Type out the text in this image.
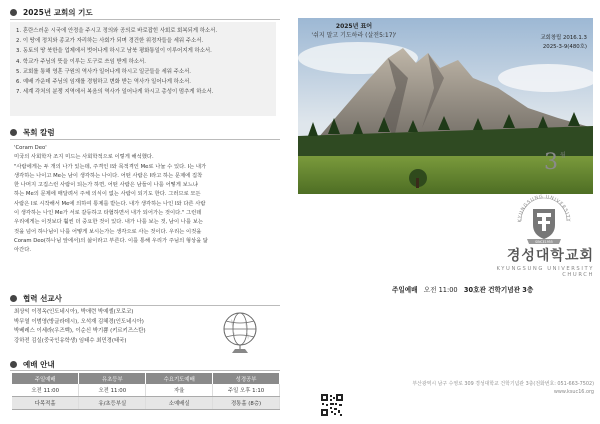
2025년 교회의 기도
1. 혼란스러운 시국에 안정을 주시고 정의와 공의로 바로잡힌 사회로 회복되게 하소서.
2. 이 땅에 정치와 종교가 자리하는 사회가 되며 경건한 위정자들을 세워 주소서.
3. 동토의 땅 북한을 업제에서 벗어나게 하시고 남북 평화통일이 이루어지게 하소서.
4. 학교가 주님의 뜻을 이루는 도구로 쓰임 받게 하소서.
5. 교회를 통해 영혼 구원의 역사가 일어나게 하시고 일군들을 세워 주소서.
6. 예배 가운데 주님의 임재를 경험하고 변화 받는 역사가 일어나게 하소서.
7. 세계 각처의 분쟁 지역에서 복음의 역사가 일어나게 하시고 총성이 멈추게 하소서.
목회 칼럼
'Coram Deo'
미국의 사회학자 조지 미드는 사회학적으로 이렇게 해석했다.
"사람에게는 두 개의 나가 있는데, 주격인 I와 목적격인 Me로 나눌 수 있다. I는 내가
생각하는 나이고 Me는 남이 생각하는 나이다. 어떤 사람은 I라고 하는 문제에 집착
한 나머지 고집스런 사람이 되는가 하면, 어떤 사람은 남들이 나를 어떻게 보느냐
하는 Me의 문제에 매달려서 주체 의식이 없는 사람이 되기도 한다. 그러므로 모든
사람은 I로 시작해서 Me에 의하여 통제를 받는다. 내가 생각하는 나인 I와 다른 사람
이 생각하는 나인 Me가 서로 갈등하고 타협하면서 내가 되어가는 것이다." 그런데
우리에게는 이것보다 훨씬 더 중요한 것이 있다. 내가 나를 보는 것, 남이 나를 보는
것을 넘어 하나님이 나를 어떻게 보시는가는 생각으로 사는 것이다. 우리는 이것을
Coram Deo(하나님 앞에서)의 삶이라고 부른다. 이를 통해 우리가 주님의 형상을 닮
아간다.
협력 선교사
최상익 이정옥(인도네시아), 박애련 박예셀(모로코)
박무열 이범영(방글라데시), 오석재 김혜경(인도네시아)
박베레스 이세라(우즈벡), 이순신 박기쁨 (키르키즈스탄)
강하전 김실(중국인유학생) 임태수 최민경(태국)
예배 안내
주일예배	유초등부	수요기도예배	성경공부
오전 11:00	오전 11:00	자율	주일 오후 1:10
다목적홀	유/초등부실	소예배실	경통홀 (8층)
2025년 표어
'쉬지 말고 기도하라 (살전5:17)'	교회창립 2016.1.3
2025-3-9(480호)
3 $^월$
KYUNGSUNG UNIVERSITY
SINCE1955
경성대학교회
KYUNGSUNG UNIVERSITY CHURCH
주일예배 오전 11:00 30호관 건학기념관 3층
부산광역시 남구 수영로 309 경성대학교 건학기념관 3층(전화번호: 051-663-7502)
www.ksuc16.org
